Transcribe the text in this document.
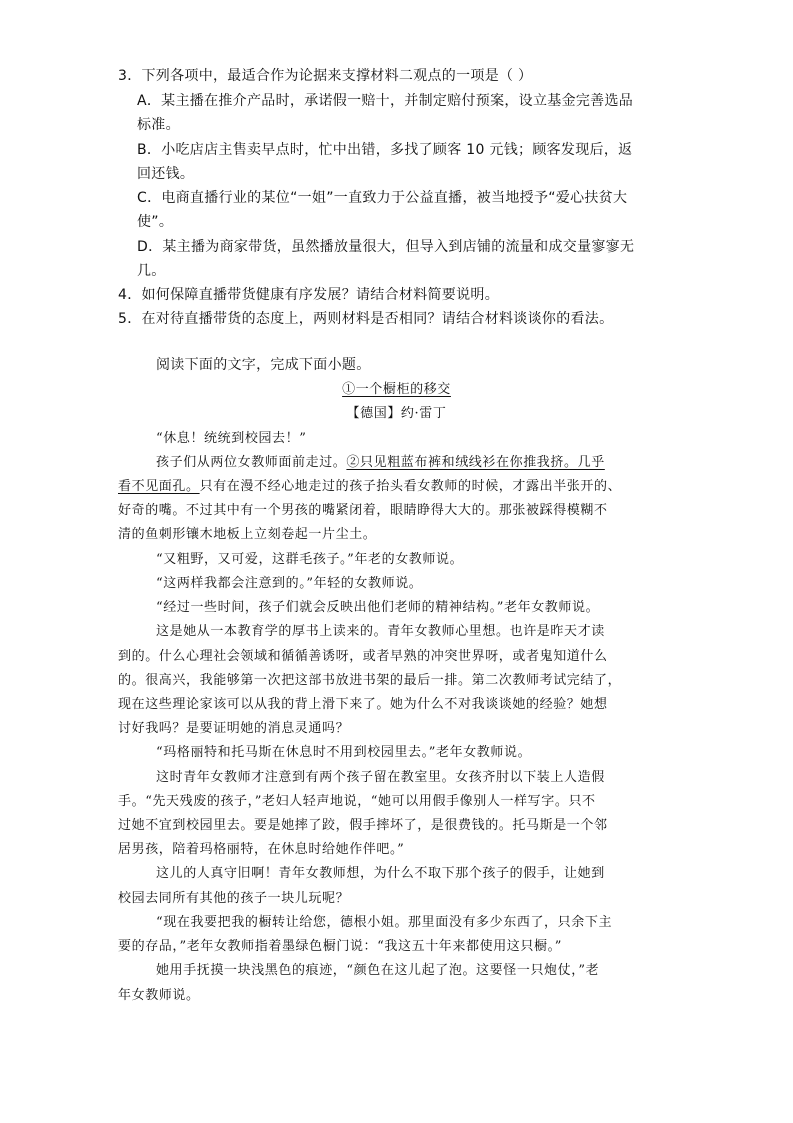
3．下列各项中，最适合作为论据来支撑材料二观点的一项是（ ）
A．某主播在推介产品时，承诺假一赔十，并制定赔付预案，设立基金完善选品
标准。
B．小吃店店主售卖早点时，忙中出错，多找了顾客 10 元钱；顾客发现后，返
回还钱。
C．电商直播行业的某位“一姐”一直致力于公益直播，被当地授予“爱心扶贫大
使”。
D．某主播为商家带货，虽然播放量很大，但导入到店铺的流量和成交量寥寥无
几。
4．如何保障直播带货健康有序发展？请结合材料简要说明。
5．在对待直播带货的态度上，两则材料是否相同？请结合材料谈谈你的看法。
阅读下面的文字，完成下面小题。
①一个橱柜的移交
【德国】约·雷丁
“休息！统统到校园去！”
孩子们从两位女教师面前走过。②只见粗蓝布裤和绒线衫在你推我挤。几乎
看不见面孔。只有在漫不经心地走过的孩子抬头看女教师的时候，才露出半张开的、
好奇的嘴。不过其中有一个男孩的嘴紧闭着，眼睛睁得大大的。那张被踩得模糊不
清的鱼刺形镶木地板上立刻卷起一片尘土。
“又粗野，又可爱，这群毛孩子。”年老的女教师说。
“这两样我都会注意到的。”年轻的女教师说。
“经过一些时间，孩子们就会反映出他们老师的精神结构。”老年女教师说。
这是她从一本教育学的厚书上读来的。青年女教师心里想。也许是昨天才读
到的。什么心理社会领域和循循善诱呀，或者早熟的冲突世界呀，或者鬼知道什么
的。很高兴，我能够第一次把这部书放进书架的最后一排。第二次教师考试完结了，
现在这些理论家该可以从我的背上滑下来了。她为什么不对我谈谈她的经验？她想
讨好我吗？是要证明她的消息灵通吗？
“玛格丽特和托马斯在休息时不用到校园里去。”老年女教师说。
这时青年女教师才注意到有两个孩子留在教室里。女孩齐肘以下装上人造假
手。“先天残废的孩子，”老妇人轻声地说，“她可以用假手像别人一样写字。只不
过她不宜到校园里去。要是她摔了跤，假手摔坏了，是很费钱的。托马斯是一个邻
居男孩，陪着玛格丽特，在休息时给她作伴吧。”
这儿的人真守旧啊！青年女教师想，为什么不取下那个孩子的假手，让她到
校园去同所有其他的孩子一块儿玩呢？
“现在我要把我的橱转让给您，德根小姐。那里面没有多少东西了，只余下主
要的存品，”老年女教师指着墨绿色橱门说：“我这五十年来都使用这只橱。”
她用手抚摸一块浅黑色的痕迹，“颜色在这儿起了泡。这要怪一只炮仗，”老
年女教师说。
